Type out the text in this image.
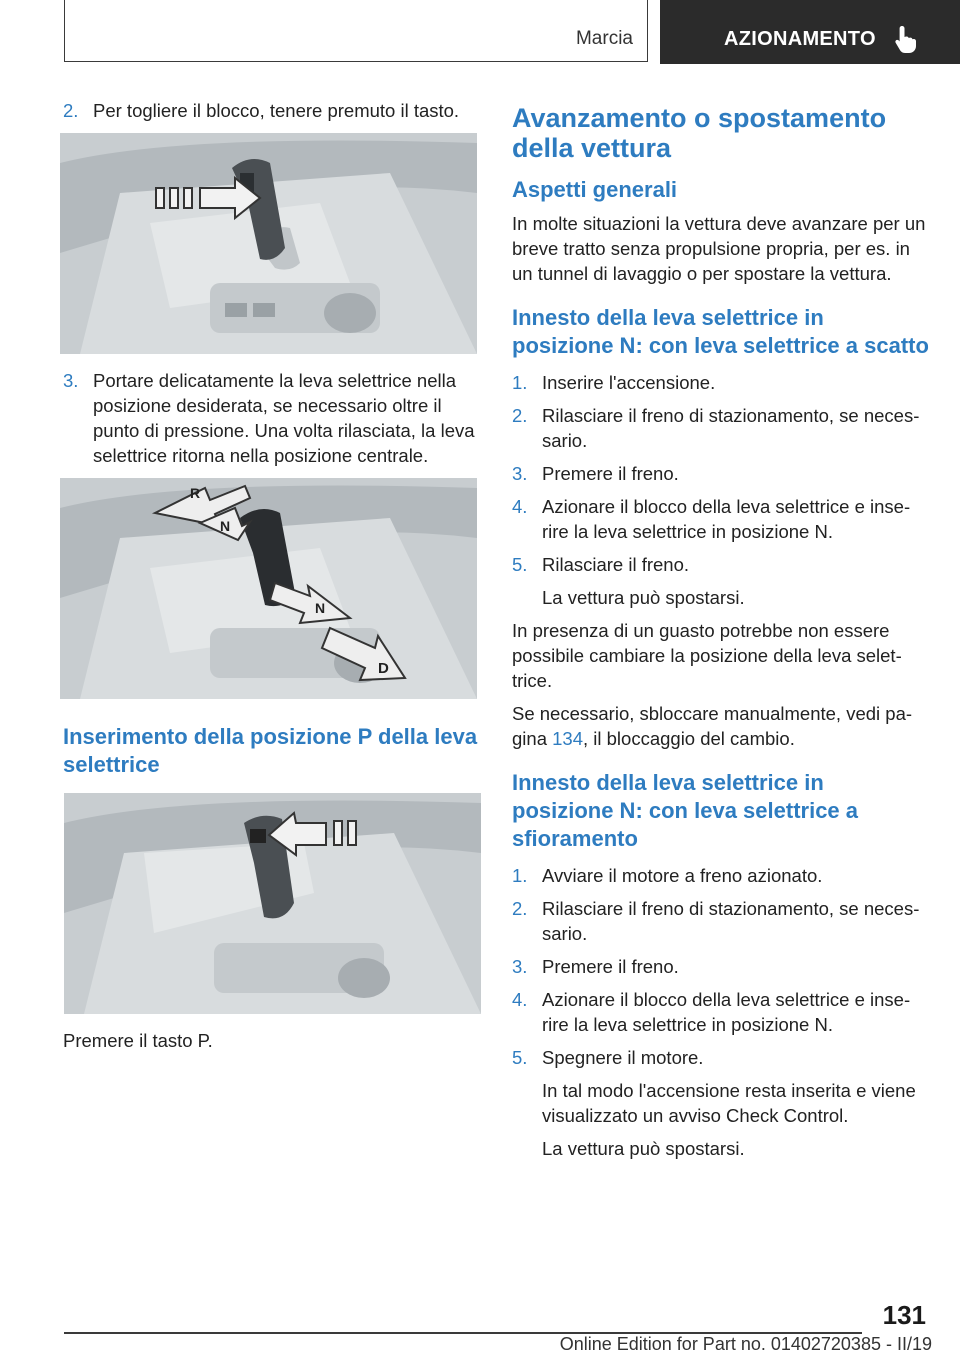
Marcia	AZIONAMENTO
2. Per togliere il blocco, tenere premuto il tasto.
3. Portare delicatamente la leva selettrice nella posizione desiderata, se necessario oltre il punto di pressione. Una volta rilasciata, la leva selettrice ritorna nella posizione centrale.
R
N
N
D
Inserimento della posizione P della leva selettrice
Premere il tasto P.
Avanzamento o spostamento della vettura
Aspetti generali
In molte situazioni la vettura deve avanzare per un breve tratto senza propulsione propria, per es. in un tunnel di lavaggio o per spostare la vettura.
Innesto della leva selettrice in posizione N: con leva selettrice a scatto
1. Inserire l'accensione.
2. Rilasciare il freno di stazionamento, se necessario.
3. Premere il freno.
4. Azionare il blocco della leva selettrice e inserire la leva selettrice in posizione N.
5. Rilasciare il freno.
La vettura può spostarsi.
In presenza di un guasto potrebbe non essere possibile cambiare la posizione della leva selettrice.
Se necessario, sbloccare manualmente, vedi pagina 134, il bloccaggio del cambio.
Innesto della leva selettrice in posizione N: con leva selettrice a sfioramento
1. Avviare il motore a freno azionato.
2. Rilasciare il freno di stazionamento, se necessario.
3. Premere il freno.
4. Azionare il blocco della leva selettrice e inserire la leva selettrice in posizione N.
5. Spegnere il motore.
In tal modo l'accensione resta inserita e viene visualizzato un avviso Check Control.
La vettura può spostarsi.
131
Online Edition for Part no. 01402720385 - II/19
